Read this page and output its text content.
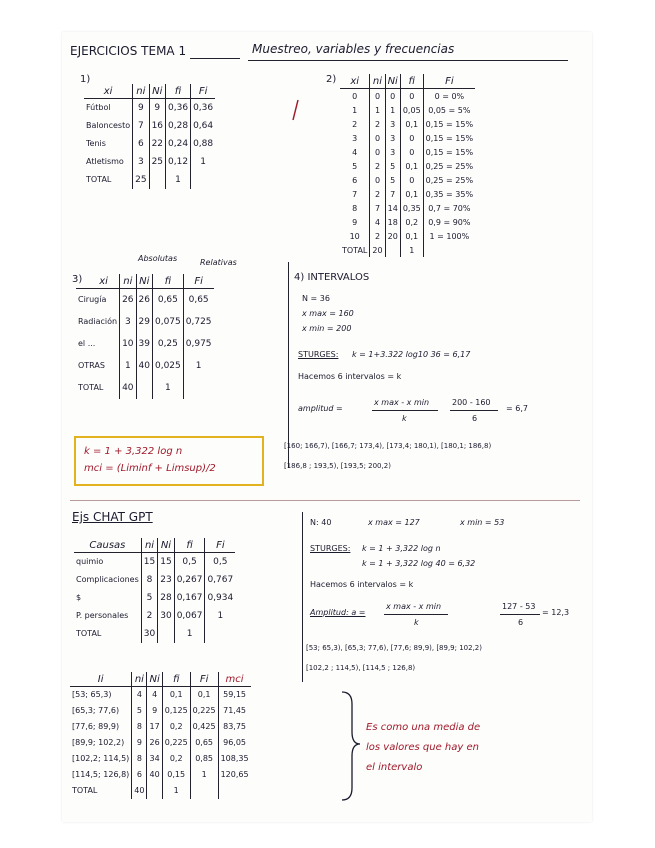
EJERCICIOS TEMA 1	Muestreo, variables y frecuencias
1)
xi	ni	Ni	fi	Fi
Fútbol	9	9	0,36	0,36
Baloncesto	7	16	0,28	0,64
Tenis	6	22	0,24	0,88
Atletismo	3	25	0,12	1
TOTAL	25		1	
2) xi	ni	Ni	fi	Fi
0	0	0	0	0 = 0%
1	1	1	0,05	0,05 = 5%
2	2	3	0,1	0,15 = 15%
3	0	3	0	0,15 = 15%
4	0	3	0	0,15 = 15%
5	2	5	0,1	0,25 = 25%
6	0	5	0	0,25 = 25%
7	2	7	0,1	0,35 = 35%
8	7	14	0,35	0,7 = 70%
9	4	18	0,2	0,9 = 90%
10	2	20	0,1	1 = 100%
TOTAL	20		1	
Absolutas	Relativas
3) xi	ni	Ni	fi	Fi
Cirugía	26	26	0,65	0,65
Radiación	3	29	0,075	0,725
el ...	10	39	0,25	0,975
OTRAS	1	40	0,025	1
TOTAL	40		1	
k = 1 + 3,322 log n
mci = (Liminf + Limsup)/2
4) INTERVALOS
N = 36
x max = 160
x min = 200
STURGES: k = 1+3.322 log10 36 = 6,17
Hacemos 6 intervalos = k
amplitud =
x max - x min
k
200 - 160
6
= 6,7
[160; 166,7), [166,7; 173,4), [173,4; 180,1), [180,1; 186,8)
[186,8 ; 193,5), [193,5; 200,2)
Ejs CHAT GPT
Causas	ni	Ni	fi	Fi
quimio	15	15	0,5	0,5
Complicaciones	8	23	0,267	0,767
$	5	28	0,167	0,934
P. personales	2	30	0,067	1
TOTAL	30		1	
N: 40	x max = 127	x min = 53
STURGES: k = 1 + 3,322 log n
k = 1 + 3,322 log 40 = 6,32
Hacemos 6 intervalos = k
Amplitud: a =
x max - x min
k
127 - 53
6
= 12,3
[53; 65,3), [65,3; 77,6), [77,6; 89,9), [89,9; 102,2)
[102,2 ; 114,5), [114,5 ; 126,8)
Ii	ni	Ni	fi	Fi	mci
[53; 65,3)	4	4	0,1	0,1	59,15
[65,3; 77,6)	5	9	0,125	0,225	71,45
[77,6; 89,9)	8	17	0,2	0,425	83,75
[89,9; 102,2)	9	26	0,225	0,65	96,05
[102,2; 114,5)	8	34	0,2	0,85	108,35
[114,5; 126,8)	6	40	0,15	1	120,65
TOTAL	40		1		
Es como una media de
los valores que hay en
el intervalo
